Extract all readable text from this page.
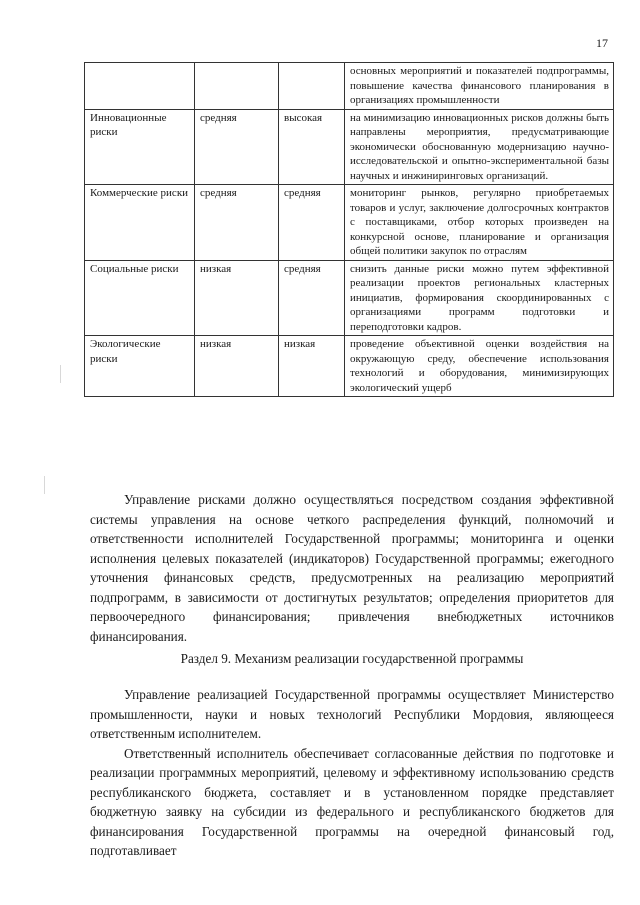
17
			основных мероприятий и показателей подпрограммы, повышение качества финансового планирования в организациях промышленности
Инновационные риски	средняя	высокая	на минимизацию инновационных рисков должны быть направлены мероприятия, предусматривающие экономически обоснованную модернизацию научно-исследовательской и опытно-экспериментальной базы научных и инжиниринговых организаций.
Коммерческие риски	средняя	средняя	мониторинг рынков, регулярно приобретаемых товаров и услуг, заключение долгосрочных контрактов с поставщиками, отбор которых произведен на конкурсной основе, планирование и организация общей политики закупок по отраслям
Социальные риски	низкая	средняя	снизить данные риски можно путем эффективной реализации проектов региональных кластерных инициатив, формирования скоординированных с организациями программ подготовки и переподготовки кадров.
Экологические риски	низкая	низкая	проведение объективной оценки воздействия на окружающую среду, обеспечение использования технологий и оборудования, минимизирующих экологический ущерб

Управление рисками должно осуществляться посредством создания эффективной системы управления на основе четкого распределения функций, полномочий и ответственности исполнителей Государственной программы; мониторинга и оценки исполнения целевых показателей (индикаторов) Государственной программы; ежегодного уточнения финансовых средств, предусмотренных на реализацию мероприятий подпрограмм, в зависимости от достигнутых результатов; определения приоритетов для первоочередного финансирования; привлечения внебюджетных источников финансирования.

Раздел 9. Механизм реализации государственной программы

Управление реализацией Государственной программы осуществляет Министерство промышленности, науки и новых технологий Республики Мордовия, являющееся ответственным исполнителем.

Ответственный исполнитель обеспечивает согласованные действия по подготовке и реализации программных мероприятий, целевому и эффективному использованию средств республиканского бюджета, составляет и в установленном порядке представляет бюджетную заявку на субсидии из федерального и республиканского бюджетов для финансирования Государственной программы на очередной финансовый год, подготавливает
